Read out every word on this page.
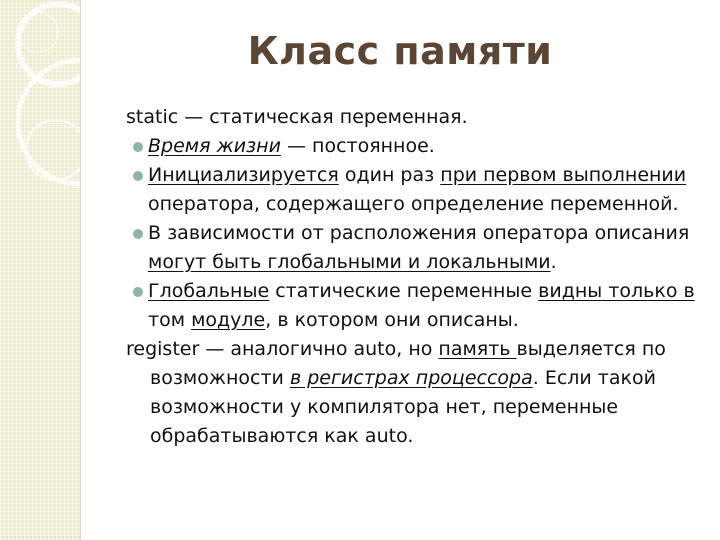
Класс памяти

static — статическая переменная.

Время жизни — постоянное.

Инициализируется один раз при первом выполнении оператора, содержащего определение переменной.

В зависимости от расположения оператора описания могут быть глобальными и локальными.

Глобальные статические переменные видны только в том модуле, в котором они описаны.

register — аналогично auto, но память выделяется по возможности в регистрах процессора. Если такой возможности у компилятора нет, переменные обрабатываются как auto.
